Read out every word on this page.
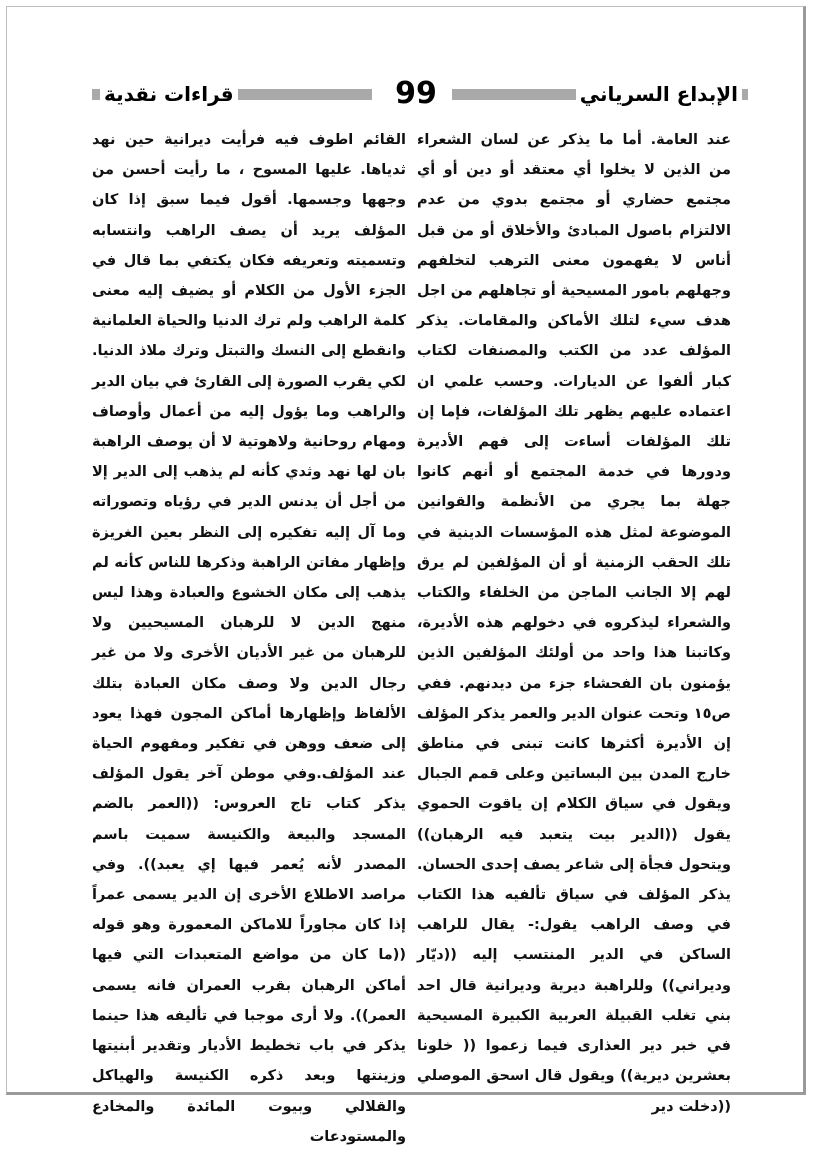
قراءات نقدية	99	الإبداع السرياني

عند العامة. أما ما يذكر عن لسان الشعراء من الذين لا يخلوا أي معتقد أو دين أو أي مجتمع حضاري أو مجتمع بدوي من عدم الالتزام باصول المبادئ والأخلاق أو من قبل أناس لا يفهمون معنى الترهب لتخلفهم وجهلهم بامور المسيحية أو تجاهلهم من اجل هدف سيء لتلك الأماكن والمقامات. يذكر المؤلف عدد من الكتب والمصنفات لكتاب كبار ألفوا عن الديارات. وحسب علمي ان اعتماده عليهم يظهر تلك المؤلفات، فإما إن تلك المؤلفات أساءت إلى فهم الأديرة ودورها في خدمة المجتمع أو أنهم كانوا جهلة بما يجري من الأنظمة والقوانين الموضوعة لمثل هذه المؤسسات الدينية في تلك الحقب الزمنية أو أن المؤلفين لم يرق لهم إلا الجانب الماجن من الخلفاء والكتاب والشعراء ليذكروه في دخولهم هذه الأديرة، وكاتبنا هذا واحد من أولئك المؤلفين الذين يؤمنون بان الفحشاء جزء من ديدنهم. ففي ص١٥ وتحت عنوان الدير والعمر يذكر المؤلف إن الأديرة أكثرها كانت تبنى في مناطق خارج المدن بين البساتين وعلى قمم الجبال ويقول في سياق الكلام إن ياقوت الحموي يقول ((الدير بيت يتعبد فيه الرهبان)) ويتحول فجأة إلى شاعر يصف إحدى الحسان. يذكر المؤلف في سياق تألفيه هذا الكتاب في وصف الراهب يقول:- يقال للراهب الساكن في الدير المنتسب إليه ((ديّار وديراني)) وللراهبة ديرية وديرانية قال احد بني تغلب القبيلة العربية الكبيرة المسيحية في خبر دير العذارى فيما زعموا (( خلونا بعشرين ديرية)) ويقول قال اسحق الموصلي ((دخلت دير

القائم اطوف فيه فرأيت ديرانية حين نهد ثدياها. عليها المسوح ، ما رأيت أحسن من وجهها وجسمها. أقول فيما سبق إذا كان المؤلف يريد أن يصف الراهب وانتسابه وتسميته وتعريفه فكان يكتفي بما قال في الجزء الأول من الكلام أو يضيف إليه معنى كلمة الراهب ولم ترك الدنيا والحياة العلمانية وانقطع إلى النسك والتبتل وترك ملاذ الدنيا. لكي يقرب الصورة إلى القارئ في بيان الدير والراهب وما يؤول إليه من أعمال وأوصاف ومهام روحانية ولاهوتية لا أن يوصف الراهبة بان لها نهد وثدي كأنه لم يذهب إلى الدير إلا من أجل أن يدنس الدير في رؤياه وتصوراته وما آل إليه تفكيره إلى النظر بعين الغريزة وإظهار مفاتن الراهبة وذكرها للناس كأنه لم يذهب إلى مكان الخشوع والعبادة وهذا ليس منهج الدين لا للرهبان المسيحيين ولا للرهبان من غير الأديان الأخرى ولا من غير رجال الدين ولا وصف مكان العبادة بتلك الألفاظ وإظهارها أماكن المجون فهذا يعود إلى ضعف ووهن في تفكير ومفهوم الحياة عند المؤلف.وفي موطن آخر يقول المؤلف يذكر كتاب تاج العروس: ((العمر بالضم المسجد والبيعة والكنيسة سميت باسم المصدر لأنه يُعمر فيها إي يعبد)). وفي مراصد الاطلاع الأخرى إن الدير يسمى عمراً إذا كان مجاوراً للاماكن المعمورة وهو قوله ((ما كان من مواضع المتعبدات التي فيها أماكن الرهبان بقرب العمران فانه يسمى العمر)). ولا أرى موجبا في تأليفه هذا حينما يذكر في باب تخطيط الأديار وتقدير أبنيتها وزينتها وبعد ذكره الكنيسة والهياكل والقلالي وبيوت المائدة والمخادع والمستودعات
